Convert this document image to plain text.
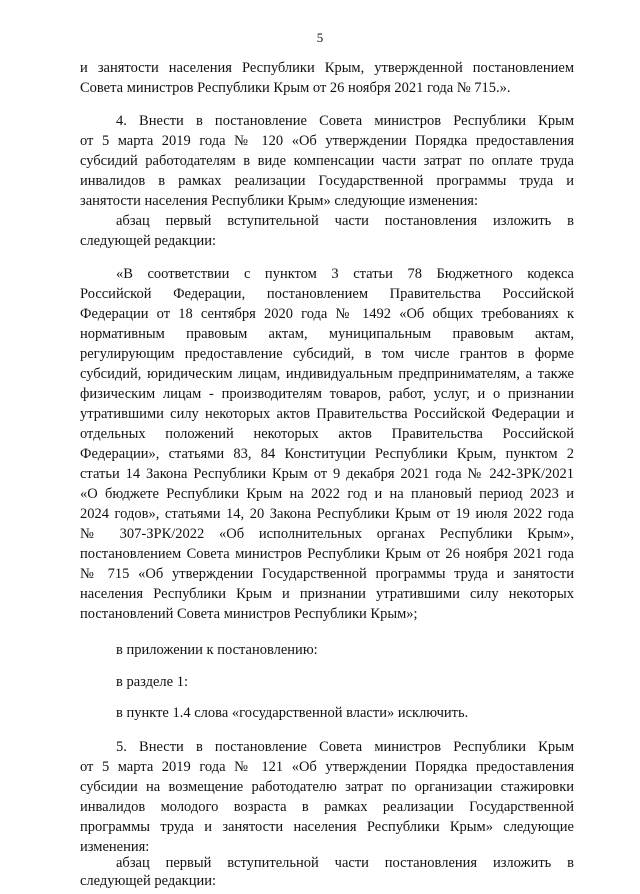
5
и занятости населения Республики Крым, утвержденной постановлением
Совета министров Республики Крым от 26 ноября 2021 года № 715.».
4. Внести в постановление Совета министров Республики Крым
от 5 марта 2019 года № 120 «Об утверждении Порядка предоставления
субсидий работодателям в виде компенсации части затрат по оплате труда
инвалидов в рамках реализации Государственной программы труда и
занятости населения Республики Крым» следующие изменения:
абзац первый вступительной части постановления изложить в
следующей редакции:
«В соответствии с пунктом 3 статьи 78 Бюджетного кодекса
Российской Федерации, постановлением Правительства Российской
Федерации от 18 сентября 2020 года № 1492 «Об общих требованиях к
нормативным правовым актам, муниципальным правовым актам,
регулирующим предоставление субсидий, в том числе грантов в форме
субсидий, юридическим лицам, индивидуальным предпринимателям, а также
физическим лицам - производителям товаров, работ, услуг, и о признании
утратившими силу некоторых актов Правительства Российской Федерации и
отдельных положений некоторых актов Правительства Российской
Федерации», статьями 83, 84 Конституции Республики Крым, пунктом 2
статьи 14 Закона Республики Крым от 9 декабря 2021 года № 242-ЗРК/2021
«О бюджете Республики Крым на 2022 год и на плановый период 2023 и
2024 годов», статьями 14, 20 Закона Республики Крым от 19 июля 2022 года
№ 307-ЗРК/2022 «Об исполнительных органах Республики Крым»,
постановлением Совета министров Республики Крым от 26 ноября 2021 года
№ 715 «Об утверждении Государственной программы труда и занятости
населения Республики Крым и признании утратившими силу некоторых
постановлений Совета министров Республики Крым»;
в приложении к постановлению:
в разделе 1:
в пункте 1.4 слова «государственной власти» исключить.
5. Внести в постановление Совета министров Республики Крым
от 5 марта 2019 года № 121 «Об утверждении Порядка предоставления
субсидии на возмещение работодателю затрат по организации стажировки
инвалидов молодого возраста в рамках реализации Государственной
программы труда и занятости населения Республики Крым» следующие
изменения:
абзац первый вступительной части постановления изложить в
следующей редакции:
